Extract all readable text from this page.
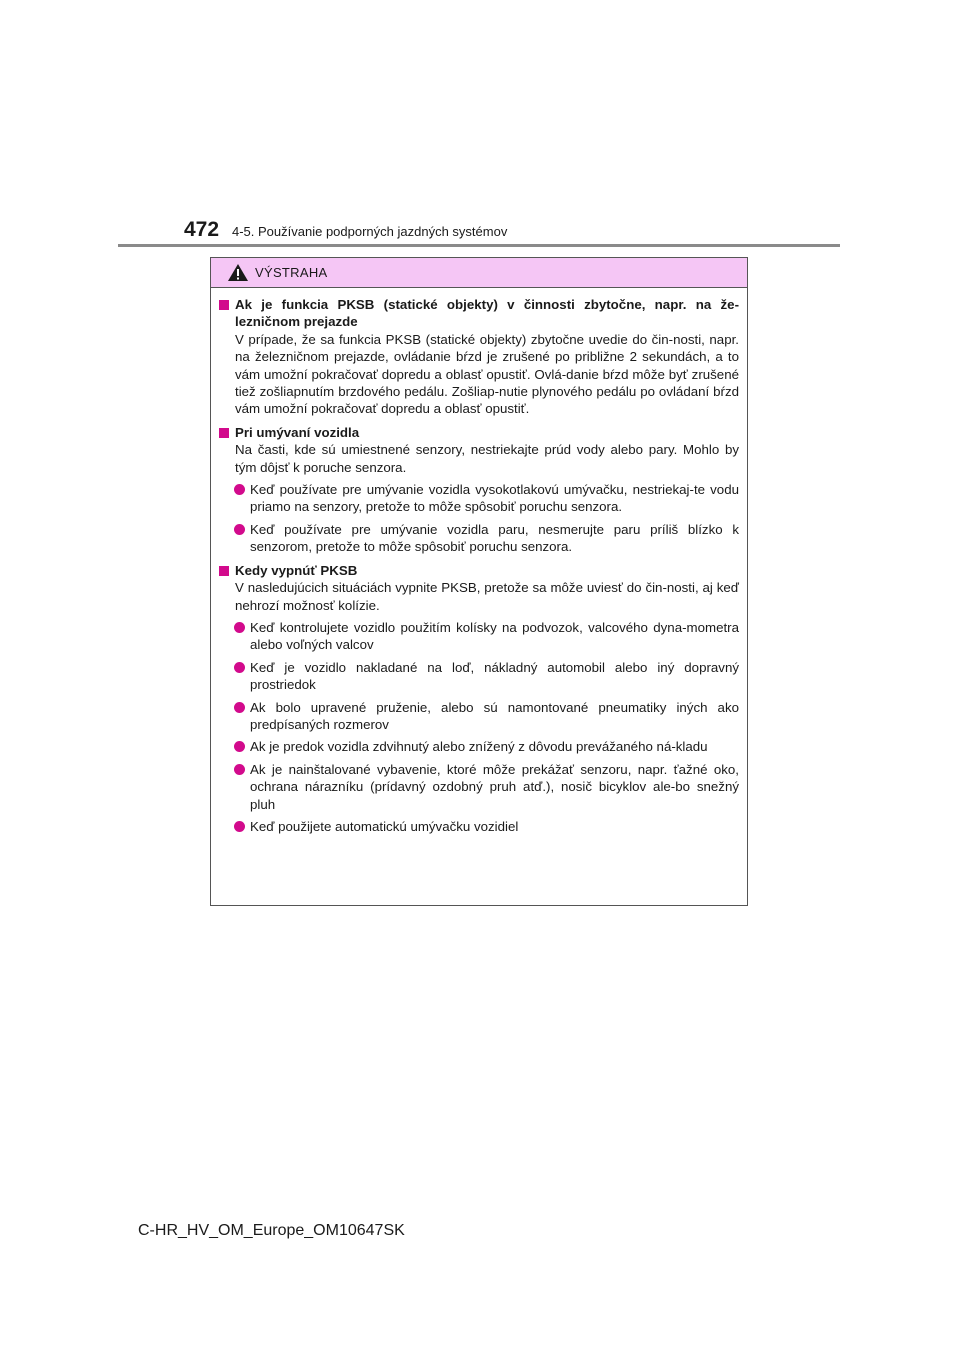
472 4-5. Používanie podporných jazdných systémov
VÝSTRAHA
Ak je funkcia PKSB (statické objekty) v činnosti zbytočne, napr. na že-lezničnom prejazde
V prípade, že sa funkcia PKSB (statické objekty) zbytočne uvedie do čin-nosti, napr. na železničnom prejazde, ovládanie bŕzd je zrušené po približne 2 sekundách, a to vám umožní pokračovať dopredu a oblasť opustiť. Ovlá-danie bŕzd môže byť zrušené tiež zošliapnutím brzdového pedálu. Zošliap-nutie plynového pedálu po ovládaní bŕzd vám umožní pokračovať dopredu a oblasť opustiť.
Pri umývaní vozidla
Na časti, kde sú umiestnené senzory, nestriekajte prúd vody alebo pary. Mohlo by tým dôjsť k poruche senzora.
Keď používate pre umývanie vozidla vysokotlakovú umývačku, nestriekaj-te vodu priamo na senzory, pretože to môže spôsobiť poruchu senzora.
Keď používate pre umývanie vozidla paru, nesmerujte paru príliš blízko k senzorom, pretože to môže spôsobiť poruchu senzora.
Kedy vypnúť PKSB
V nasledujúcich situáciách vypnite PKSB, pretože sa môže uviesť do čin-nosti, aj keď nehrozí možnosť kolízie.
Keď kontrolujete vozidlo použitím kolísky na podvozok, valcového dyna-mometra alebo voľných valcov
Keď je vozidlo nakladané na loď, nákladný automobil alebo iný dopravný prostriedok
Ak bolo upravené pruženie, alebo sú namontované pneumatiky iných ako predpísaných rozmerov
Ak je predok vozidla zdvihnutý alebo znížený z dôvodu prevážaného ná-kladu
Ak je nainštalované vybavenie, ktoré môže prekážať senzoru, napr. ťažné oko, ochrana nárazníku (prídavný ozdobný pruh atď.), nosič bicyklov ale-bo snežný pluh
Keď použijete automatickú umývačku vozidiel
C-HR_HV_OM_Europe_OM10647SK
